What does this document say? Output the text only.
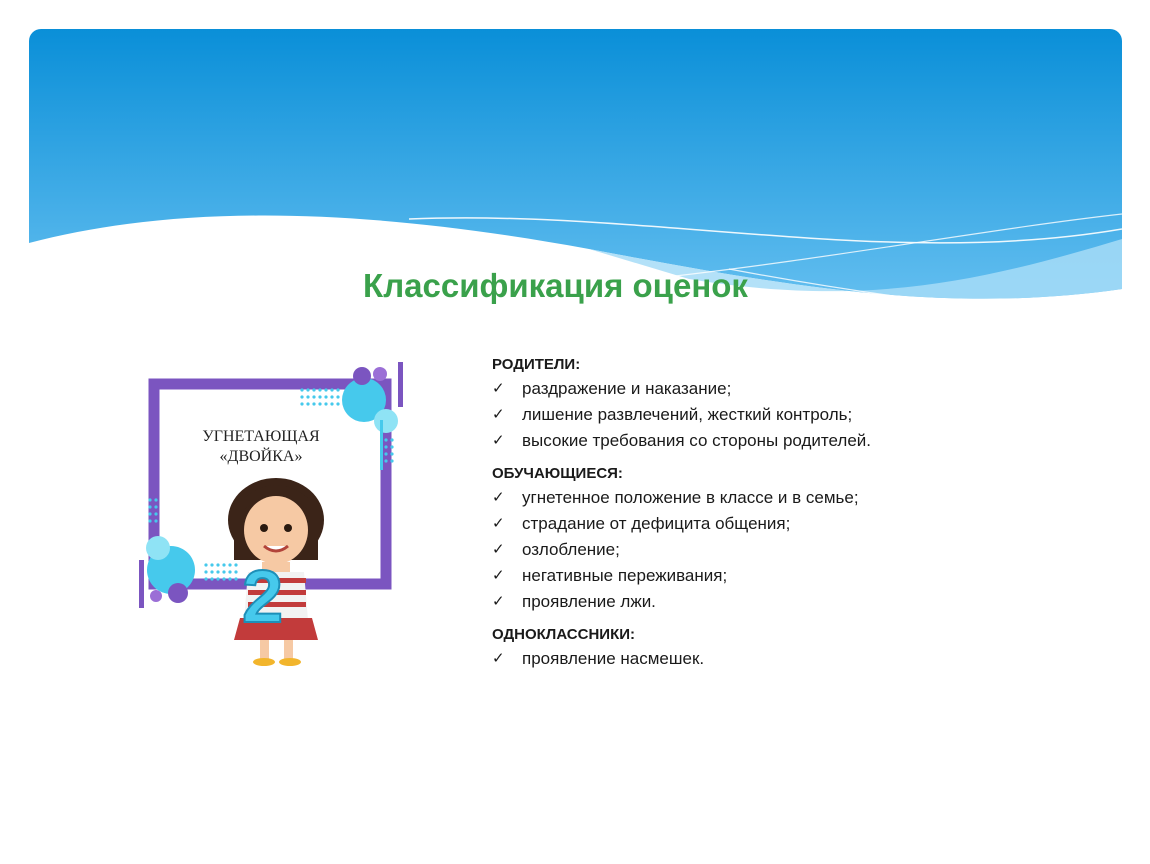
Классификация оценок
2
УГНЕТАЮЩАЯ
«ДВОЙКА»
РОДИТЕЛИ:
✓	раздражение и наказание;
✓	лишение развлечений, жесткий контроль;
✓	высокие требования со стороны родителей.
ОБУЧАЮЩИЕСЯ:
✓	угнетенное положение в классе и в семье;
✓	страдание от дефицита общения;
✓	озлобление;
✓	негативные переживания;
✓	проявление лжи.
ОДНОКЛАССНИКИ:
✓	проявление насмешек.
